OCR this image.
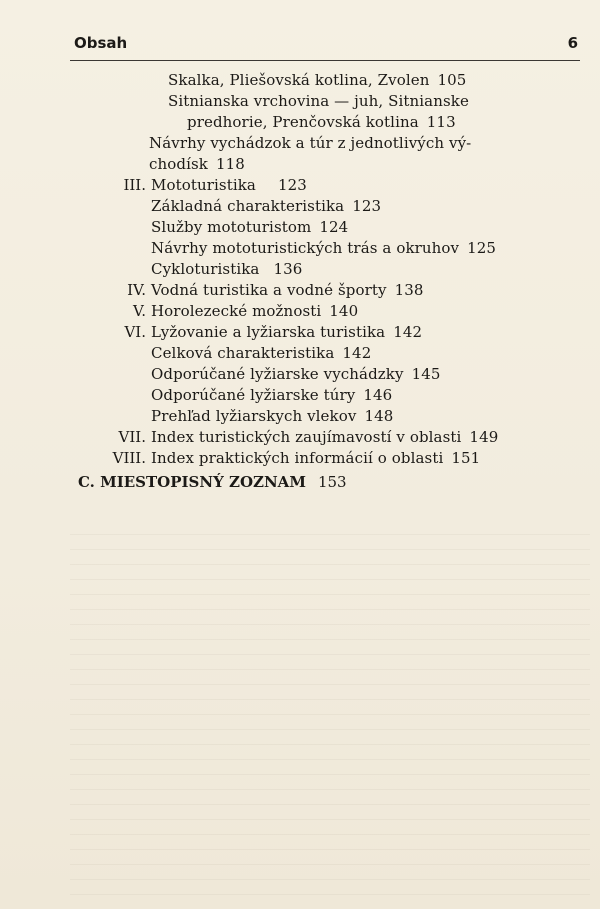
Obsah	6
Skalka, Pliešovská kotlina, Zvolen 105
Sitnianska vrchovina — juh, Sitnianske
predhorie, Prenčovská kotlina 113
Návrhy vychádzok a túr z jednotlivých vý-
chodísk 118
III. Mototuristika 123
Základná charakteristika 123
Služby mototuristom 124
Návrhy mototuristických trás a okruhov 125
Cykloturistika 136
IV. Vodná turistika a vodné športy 138
V. Horolezecké možnosti 140
VI. Lyžovanie a lyžiarska turistika 142
Celková charakteristika 142
Odporúčané lyžiarske vychádzky 145
Odporúčané lyžiarske túry 146
Prehľad lyžiarskych vlekov 148
VII. Index turistických zaujímavostí v oblasti 149
VIII. Index praktických informácií o oblasti 151
C. MIESTOPISNÝ ZOZNAM 153
